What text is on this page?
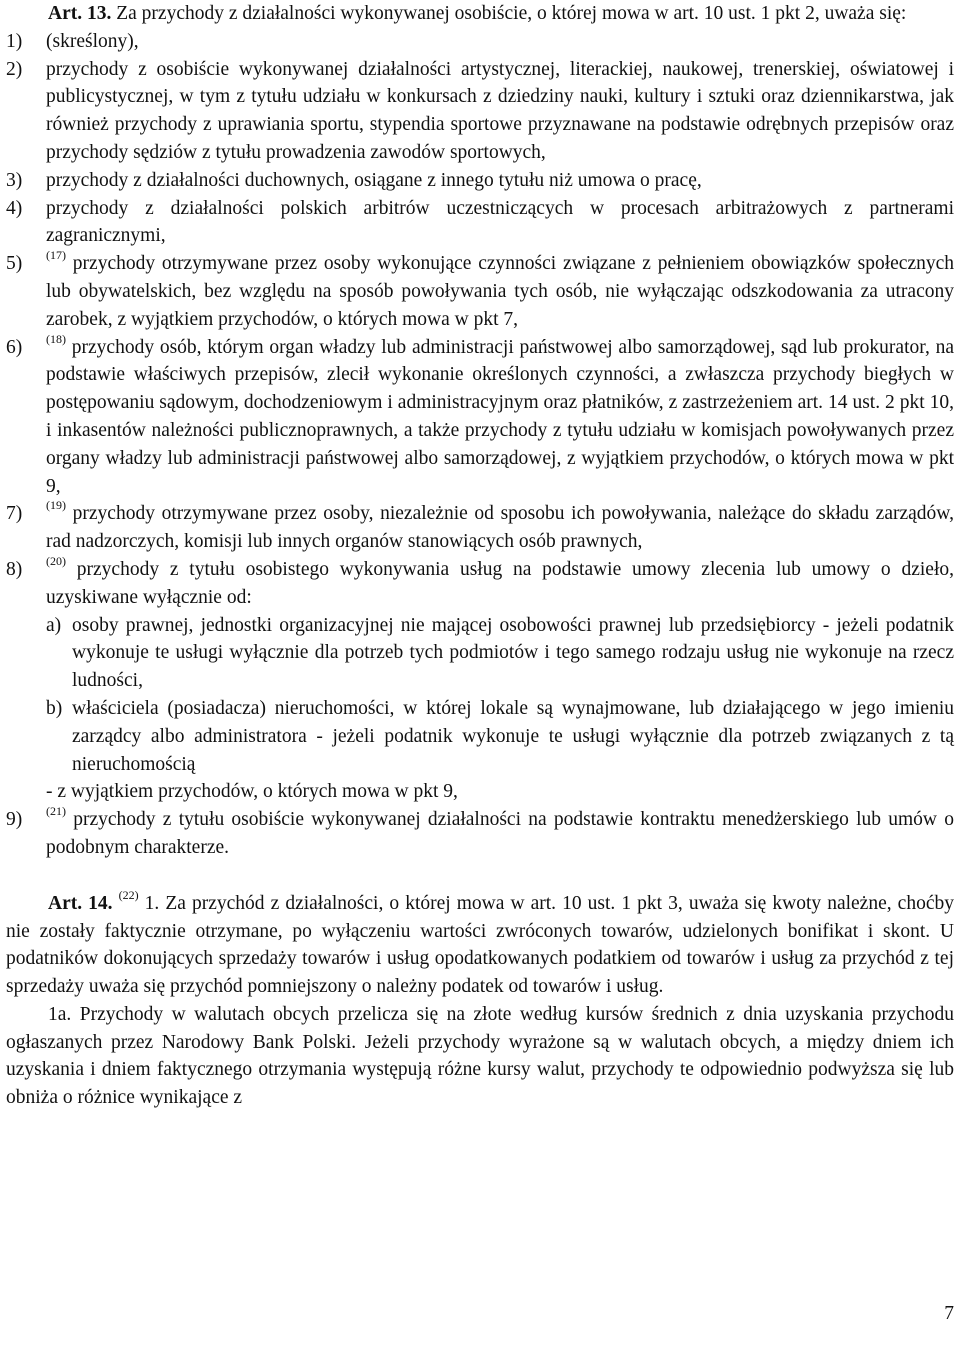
Art. 13. Za przychody z działalności wykonywanej osobiście, o której mowa w art. 10 ust. 1 pkt 2, uważa się:

1) (skreślony),
2) przychody z osobiście wykonywanej działalności artystycznej, literackiej, naukowej, trenerskiej, oświatowej i publicystycznej, w tym z tytułu udziału w konkursach z dziedziny nauki, kultury i sztuki oraz dziennikarstwa, jak również przychody z uprawiania sportu, stypendia sportowe przyznawane na podstawie odrębnych przepisów oraz przychody sędziów z tytułu prowadzenia zawodów sportowych,
3) przychody z działalności duchownych, osiągane z innego tytułu niż umowa o pracę,
4) przychody z działalności polskich arbitrów uczestniczących w procesach arbitrażowych z partnerami zagranicznymi,
5) $^{(17)}$ przychody otrzymywane przez osoby wykonujące czynności związane z pełnieniem obowiązków społecznych lub obywatelskich, bez względu na sposób powoływania tych osób, nie wyłączając odszkodowania za utracony zarobek, z wyjątkiem przychodów, o których mowa w pkt 7,
6) $^{(18)}$ przychody osób, którym organ władzy lub administracji państwowej albo samorządowej, sąd lub prokurator, na podstawie właściwych przepisów, zlecił wykonanie określonych czynności, a zwłaszcza przychody biegłych w postępowaniu sądowym, dochodzeniowym i administracyjnym oraz płatników, z zastrzeżeniem art. 14 ust. 2 pkt 10, i inkasentów należności publicznoprawnych, a także przychody z tytułu udziału w komisjach powoływanych przez organy władzy lub administracji państwowej albo samorządowej, z wyjątkiem przychodów, o których mowa w pkt 9,
7) $^{(19)}$ przychody otrzymywane przez osoby, niezależnie od sposobu ich powoływania, należące do składu zarządów, rad nadzorczych, komisji lub innych organów stanowiących osób prawnych,
8) $^{(20)}$ przychody z tytułu osobistego wykonywania usług na podstawie umowy zlecenia lub umowy o dzieło, uzyskiwane wyłącznie od:
a) osoby prawnej, jednostki organizacyjnej nie mającej osobowości prawnej lub przedsiębiorcy - jeżeli podatnik wykonuje te usługi wyłącznie dla potrzeb tych podmiotów i tego samego rodzaju usług nie wykonuje na rzecz ludności,
b) właściciela (posiadacza) nieruchomości, w której lokale są wynajmowane, lub działającego w jego imieniu zarządcy albo administratora - jeżeli podatnik wykonuje te usługi wyłącznie dla potrzeb związanych z tą nieruchomością

- z wyjątkiem przychodów, o których mowa w pkt 9,

9) $^{(21)}$ przychody z tytułu osobiście wykonywanej działalności na podstawie kontraktu menedżerskiego lub umów o podobnym charakterze.

Art. 14. $^{(22)}$ 1. Za przychód z działalności, o której mowa w art. 10 ust. 1 pkt 3, uważa się kwoty należne, choćby nie zostały faktycznie otrzymane, po wyłączeniu wartości zwróconych towarów, udzielonych bonifikat i skont. U podatników dokonujących sprzedaży towarów i usług opodatkowanych podatkiem od towarów i usług za przychód z tej sprzedaży uważa się przychód pomniejszony o należny podatek od towarów i usług.

1a. Przychody w walutach obcych przelicza się na złote według kursów średnich z dnia uzyskania przychodu ogłaszanych przez Narodowy Bank Polski. Jeżeli przychody wyrażone są w walutach obcych, a między dniem ich uzyskania i dniem faktycznego otrzymania występują różne kursy walut, przychody te odpowiednio podwyższa się lub obniża o różnice wynikające z

7
